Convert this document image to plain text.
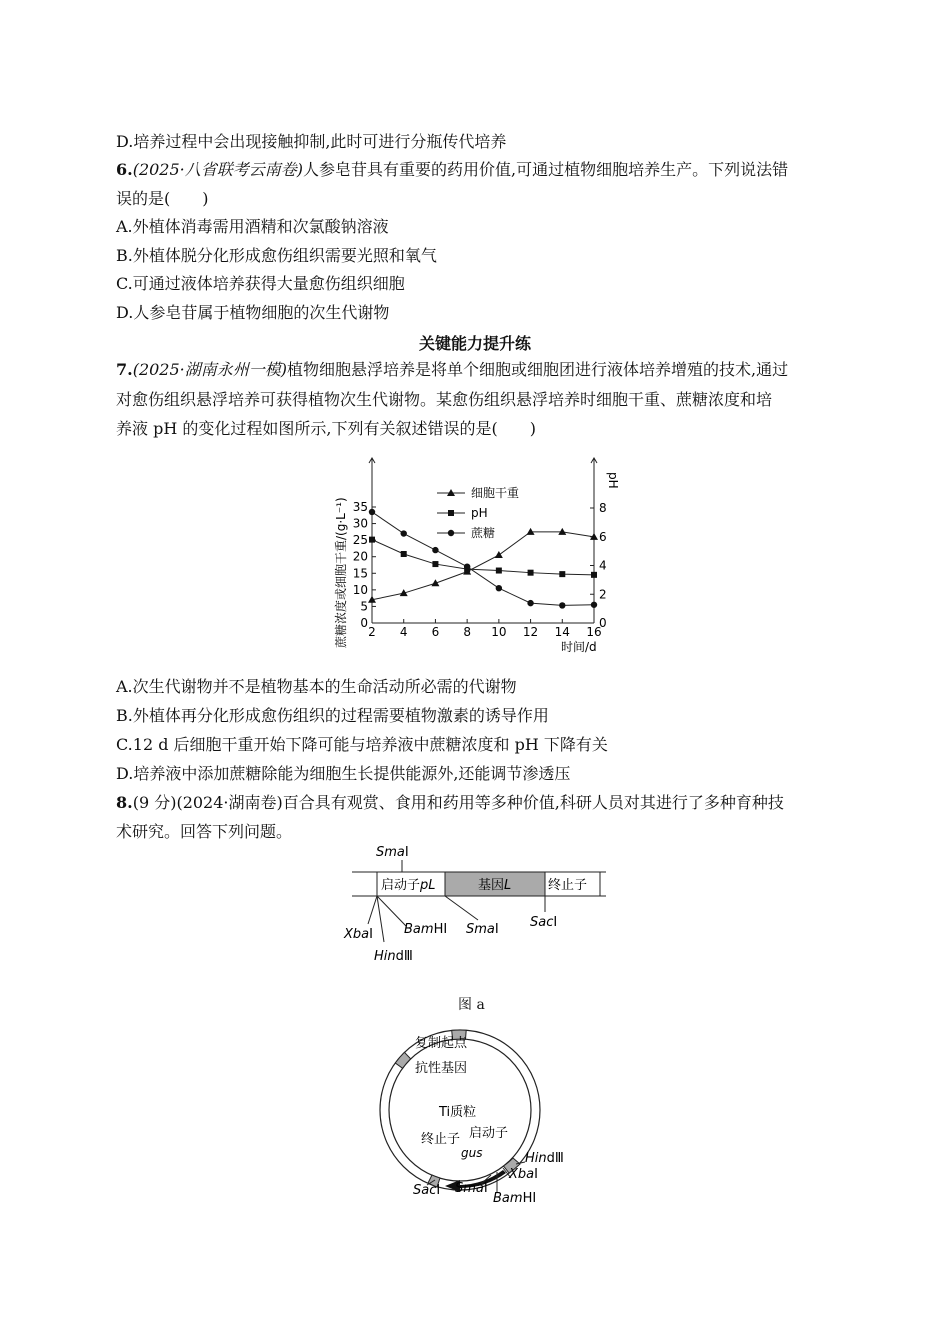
D.培养过程中会出现接触抑制,此时可进行分瓶传代培养
6.(2025·八省联考云南卷)人参皂苷具有重要的药用价值,可通过植物细胞培养生产。下列说法错
误的是(　　)
A.外植体消毒需用酒精和次氯酸钠溶液
B.外植体脱分化形成愈伤组织需要光照和氧气
C.可通过液体培养获得大量愈伤组织细胞
D.人参皂苷属于植物细胞的次生代谢物
关键能力提升练
7.(2025·湖南永州一模)植物细胞悬浮培养是将单个细胞或细胞团进行液体培养增殖的技术,通过
对愈伤组织悬浮培养可获得植物次生代谢物。某愈伤组织悬浮培养时细胞干重、蔗糖浓度和培
养液 pH 的变化过程如图所示,下列有关叙述错误的是(　　)
2 4 6 8 10 12 14 16
0
5
10
15
20
25
30
35
0
2
4
6
8
细胞干重
pH
蔗糖
蔗糖浓度或细胞干重/(g·L⁻¹)
pH
时间/d
A.次生代谢物并不是植物基本的生命活动所必需的代谢物
B.外植体再分化形成愈伤组织的过程需要植物激素的诱导作用
C.12 d 后细胞干重开始下降可能与培养液中蔗糖浓度和 pH 下降有关
D.培养液中添加蔗糖除能为细胞生长提供能源外,还能调节渗透压
8.(9 分)(2024·湖南卷)百合具有观赏、食用和药用等多种价值,科研人员对其进行了多种育种技
术研究。回答下列问题。
启动子pL	基因L	终止子
SmaⅠ
XbaⅠ
HindⅢ
BamHⅠ SmaⅠ SacⅠ
图 a
复制起点
抗性基因
Ti质粒
终止子 启动子
gus	HindⅢ
XbaⅠ
BamHⅠ
SmaⅠ
SacⅠ
